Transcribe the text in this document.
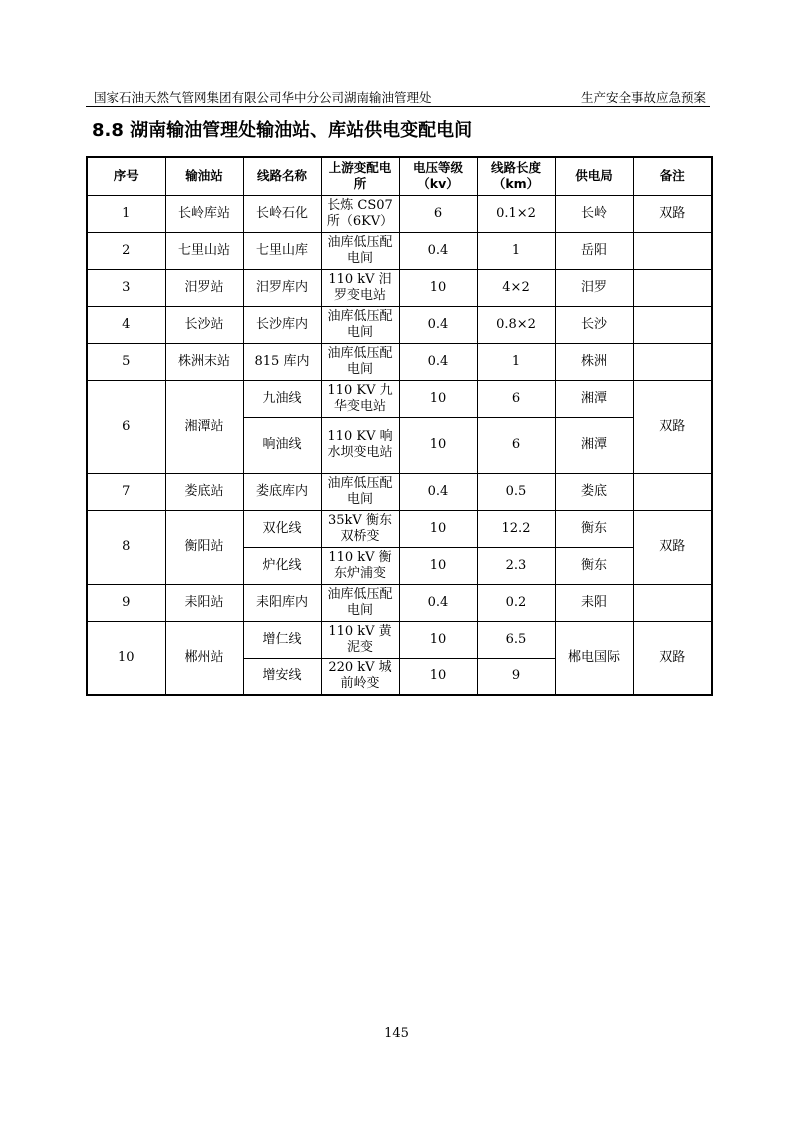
国家石油天然气管网集团有限公司华中分公司湖南输油管理处	生产安全事故应急预案
8.8 湖南输油管理处输油站、库站供电变配电间
序号	输油站	线路名称	上游变配电所	电压等级（kv）	线路长度（km）	供电局	备注
1	长岭库站	长岭石化	长炼 CS07 所（6KV）	6	0.1×2	长岭	双路
2	七里山站	七里山库	油库低压配电间	0.4	1	岳阳	
3	汨罗站	汨罗库内	110 kV 汨罗变电站	10	4×2	汨罗	
4	长沙站	长沙库内	油库低压配电间	0.4	0.8×2	长沙	
5	株洲末站	815 库内	油库低压配电间	0.4	1	株洲	
6	湘潭站	九油线	110 KV 九华变电站	10	6	湘潭	双路
		响油线	110 KV 响水坝变电站	10	6	湘潭	
7	娄底站	娄底库内	油库低压配电间	0.4	0.5	娄底	
8	衡阳站	双化线	35kV 衡东双桥变	10	12.2	衡东	双路
		炉化线	110 kV 衡东炉浦变	10	2.3	衡东	
9	耒阳站	耒阳库内	油库低压配电间	0.4	0.2	耒阳	
10	郴州站	增仁线	110 kV 黄泥变	10	6.5	郴电国际	双路
		增安线	220 kV 城前岭变	10	9		
145
